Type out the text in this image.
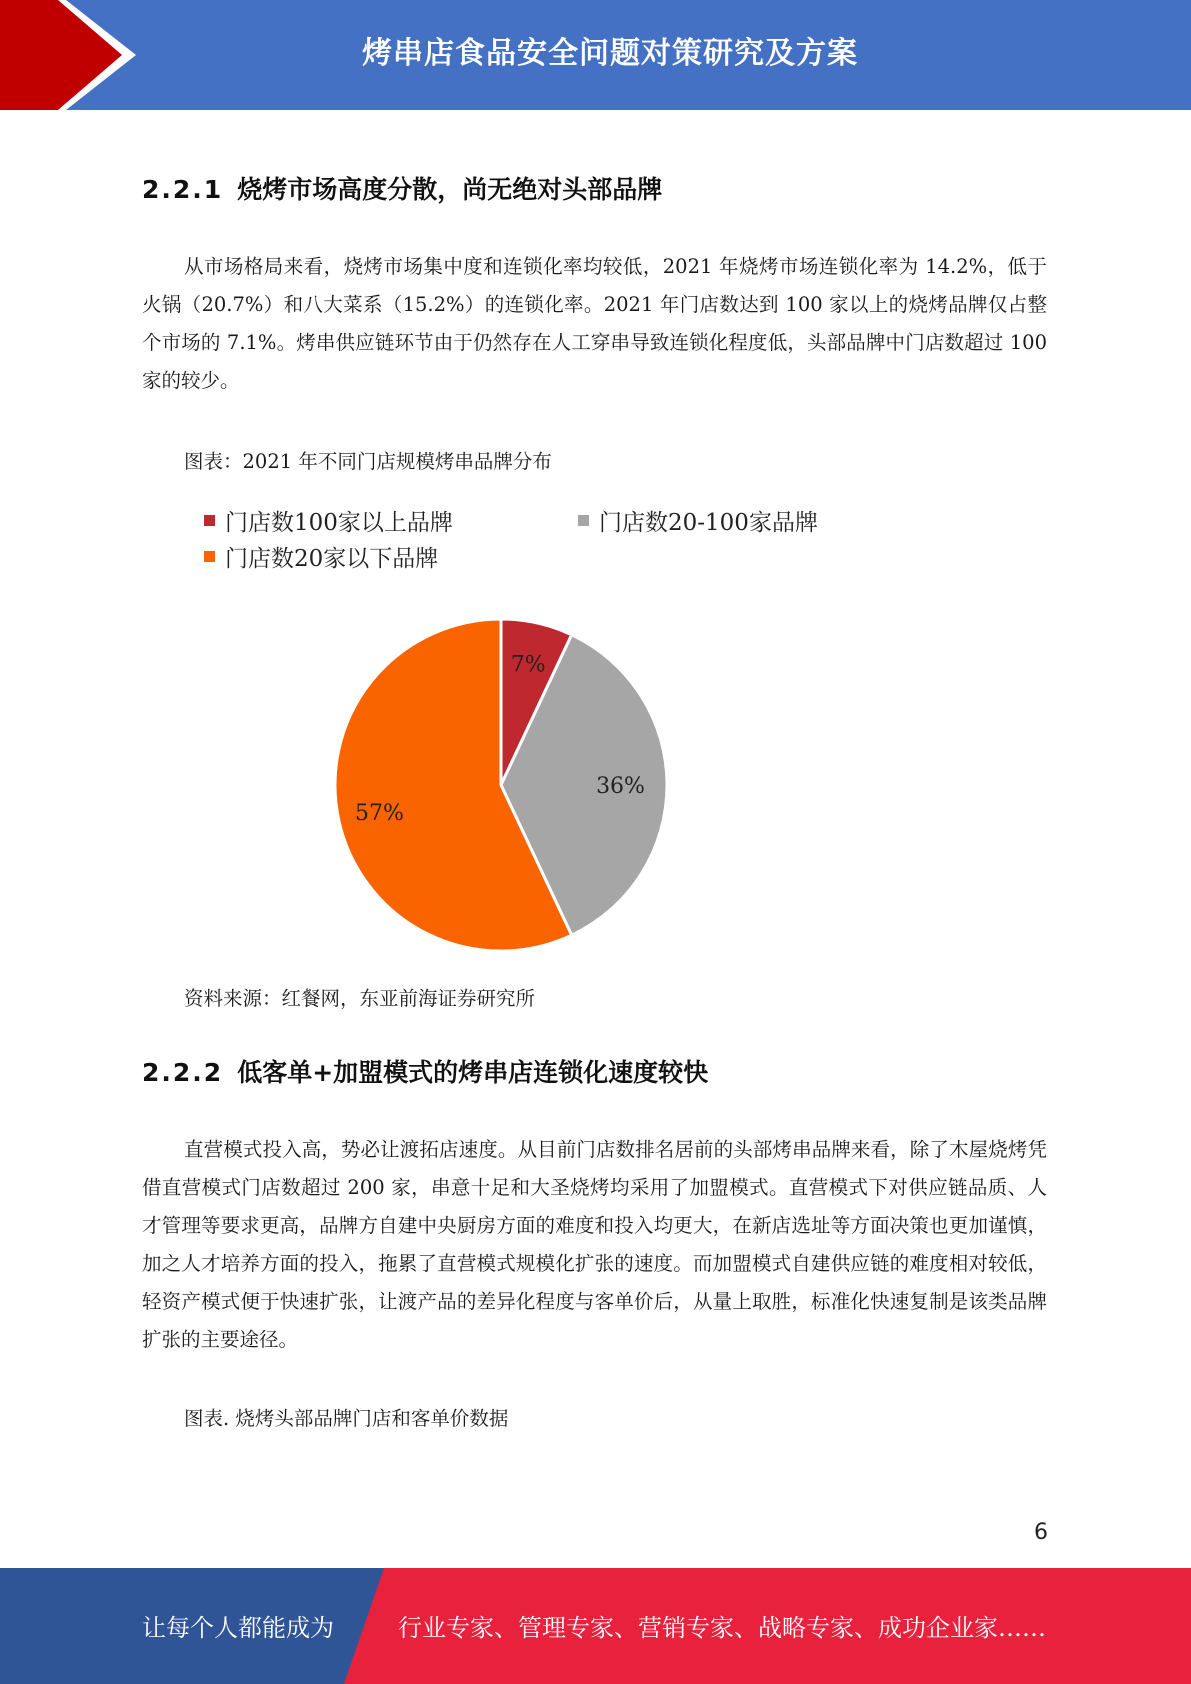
烤串店食品安全问题对策研究及方案
2.2.1 烧烤市场高度分散，尚无绝对头部品牌
从市场格局来看，烧烤市场集中度和连锁化率均较低，2021 年烧烤市场连锁化率为 14.2%，低于火锅（20.7%）和八大菜系（15.2%）的连锁化率。2021 年门店数达到 100 家以上的烧烤品牌仅占整个市场的 7.1%。烤串供应链环节由于仍然存在人工穿串导致连锁化程度低，头部品牌中门店数超过 100 家的较少。
图表：2021 年不同门店规模烤串品牌分布
门店数100家以上品牌	门店数20-100家品牌
门店数20家以下品牌
7%
36%
57%
资料来源：红餐网，东亚前海证券研究所
2.2.2 低客单+加盟模式的烤串店连锁化速度较快
直营模式投入高，势必让渡拓店速度。从目前门店数排名居前的头部烤串品牌来看，除了木屋烧烤凭借直营模式门店数超过 200 家，串意十足和大圣烧烤均采用了加盟模式。直营模式下对供应链品质、人才管理等要求更高，品牌方自建中央厨房方面的难度和投入均更大，在新店选址等方面决策也更加谨慎，加之人才培养方面的投入，拖累了直营模式规模化扩张的速度。而加盟模式自建供应链的难度相对较低，轻资产模式便于快速扩张，让渡产品的差异化程度与客单价后，从量上取胜，标准化快速复制是该类品牌扩张的主要途径。
图表. 烧烤头部品牌门店和客单价数据
6
让每个人都能成为	行业专家、管理专家、营销专家、战略专家、成功企业家……
